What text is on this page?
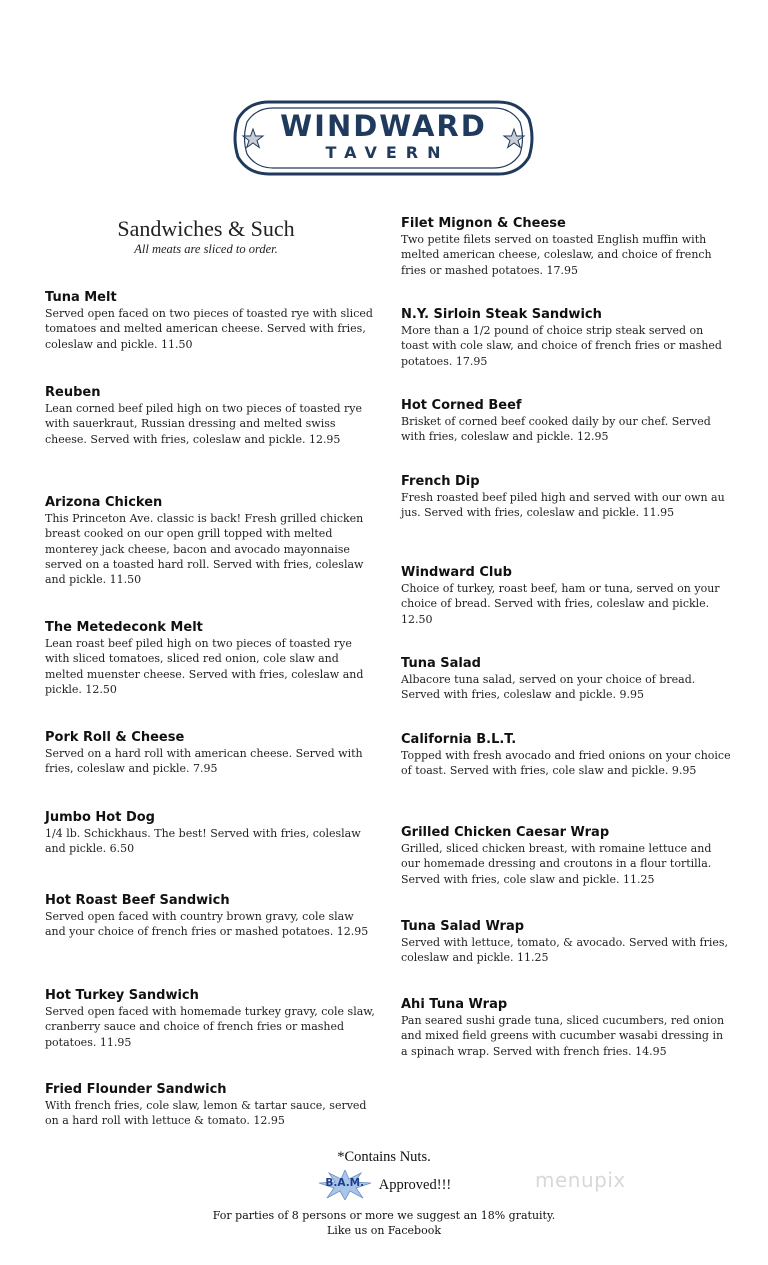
WINDWARD
TAVERN
Sandwiches & Such
All meats are sliced to order.
Tuna Melt
Served open faced on two pieces of toasted rye with sliced tomatoes and melted american cheese. Served with fries, coleslaw and pickle. 11.50
Reuben
Lean corned beef piled high on two pieces of toasted rye with sauerkraut, Russian dressing and melted swiss cheese. Served with fries, coleslaw and pickle. 12.95
Arizona Chicken
This Princeton Ave. classic is back! Fresh grilled chicken breast cooked on our open grill topped with melted monterey jack cheese, bacon and avocado mayonnaise served on a toasted hard roll. Served with fries, coleslaw and pickle. 11.50
The Metedeconk Melt
Lean roast beef piled high on two pieces of toasted rye with sliced tomatoes, sliced red onion, cole slaw and melted muenster cheese. Served with fries, coleslaw and pickle. 12.50
Pork Roll & Cheese
Served on a hard roll with american cheese. Served with fries, coleslaw and pickle. 7.95
Jumbo Hot Dog
1/4 lb. Schickhaus. The best! Served with fries, coleslaw and pickle. 6.50
Hot Roast Beef Sandwich
Served open faced with country brown gravy, cole slaw and your choice of french fries or mashed potatoes. 12.95
Hot Turkey Sandwich
Served open faced with homemade turkey gravy, cole slaw, cranberry sauce and choice of french fries or mashed potatoes. 11.95
Fried Flounder Sandwich
With french fries, cole slaw, lemon & tartar sauce, served on a hard roll with lettuce & tomato. 12.95
Filet Mignon & Cheese
Two petite filets served on toasted English muffin with melted american cheese, coleslaw, and choice of french fries or mashed potatoes. 17.95
N.Y. Sirloin Steak Sandwich
More than a 1/2 pound of choice strip steak served on toast with cole slaw, and choice of french fries or mashed potatoes. 17.95
Hot Corned Beef
Brisket of corned beef cooked daily by our chef. Served with fries, coleslaw and pickle. 12.95
French Dip
Fresh roasted beef piled high and served with our own au jus. Served with fries, coleslaw and pickle. 11.95
Windward Club
Choice of turkey, roast beef, ham or tuna, served on your choice of bread. Served with fries, coleslaw and pickle. 12.50
Tuna Salad
Albacore tuna salad, served on your choice of bread. Served with fries, coleslaw and pickle. 9.95
California B.L.T.
Topped with fresh avocado and fried onions on your choice of toast. Served with fries, cole slaw and pickle. 9.95
Grilled Chicken Caesar Wrap
Grilled, sliced chicken breast, with romaine lettuce and our homemade dressing and croutons in a flour tortilla. Served with fries, cole slaw and pickle. 11.25
Tuna Salad Wrap
Served with lettuce, tomato, & avocado. Served with fries, coleslaw and pickle. 11.25
Ahi Tuna Wrap
Pan seared sushi grade tuna, sliced cucumbers, red onion and mixed field greens with cucumber wasabi dressing in a spinach wrap. Served with french fries. 14.95
*Contains Nuts.
B.A.M.	Approved!!!
For parties of 8 persons or more we suggest an 18% gratuity.
Like us on Facebook
menupix
